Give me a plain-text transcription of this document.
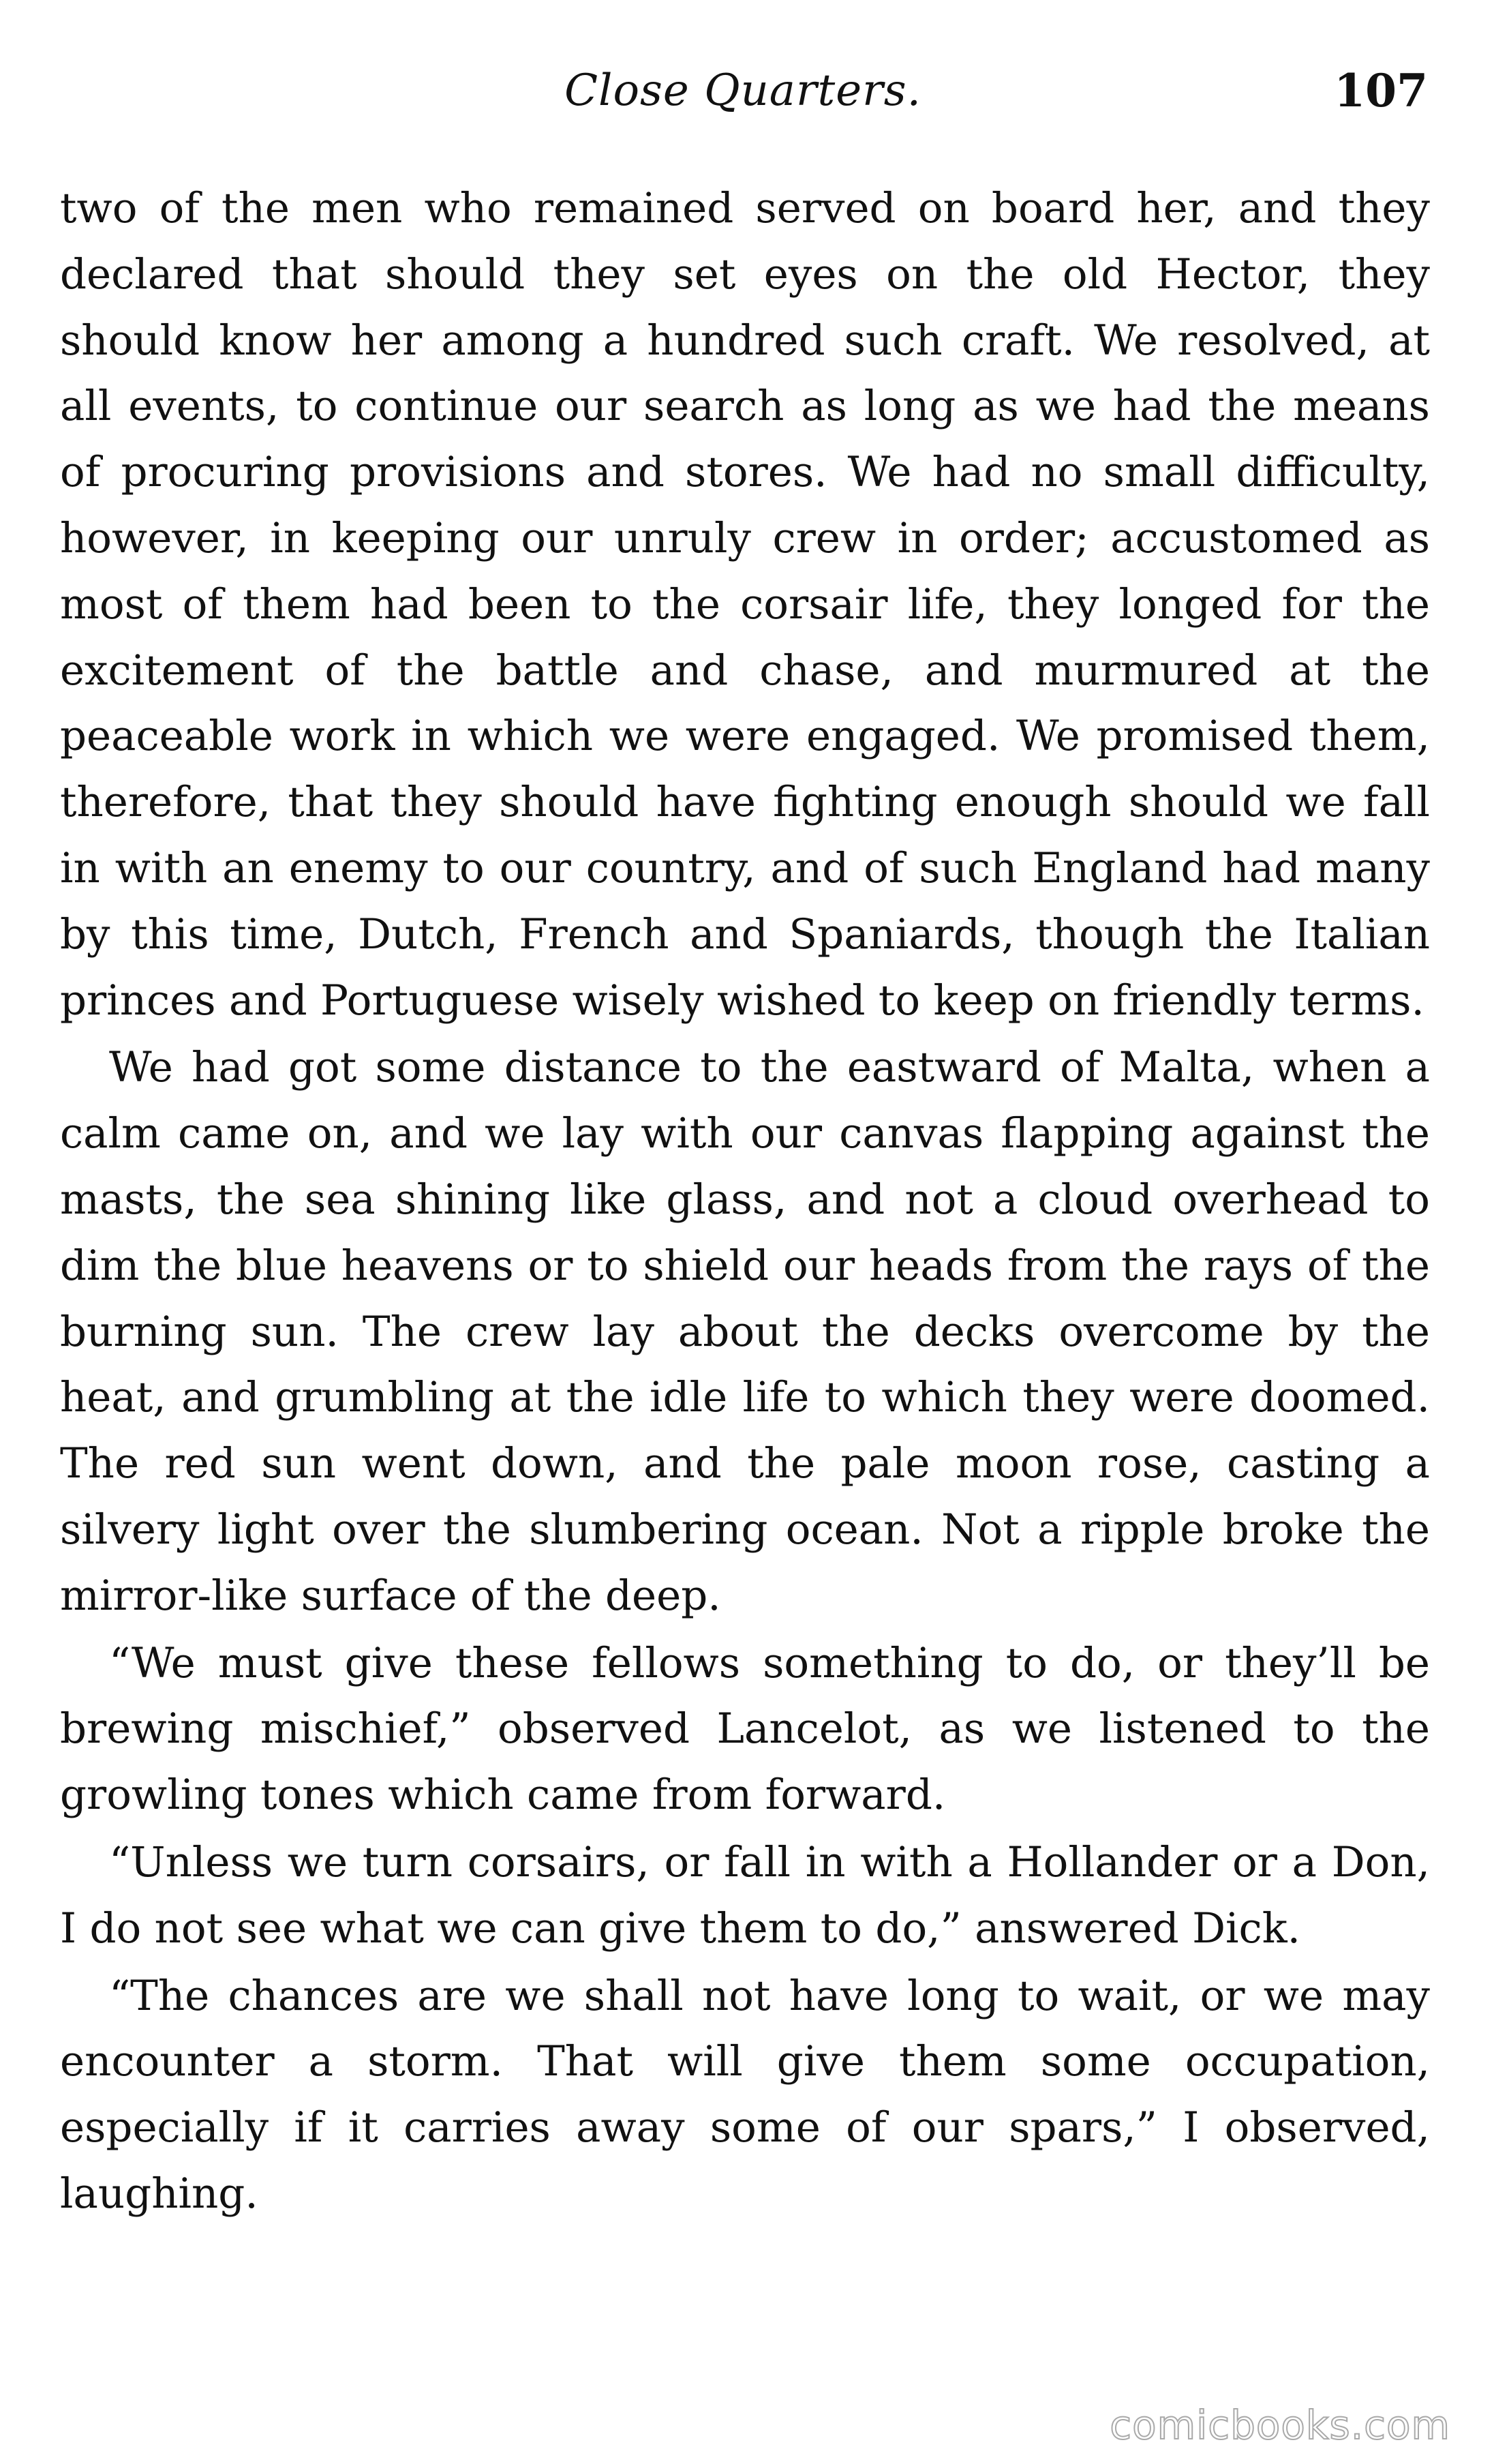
Close Quarters.	107

two of the men who remained served on board her, and they declared that should they set eyes on the old Hector, they should know her among a hundred such craft. We resolved, at all events, to continue our search as long as we had the means of procuring provisions and stores. We had no small difficulty, however, in keeping our unruly crew in order; accustomed as most of them had been to the corsair life, they longed for the excitement of the battle and chase, and murmured at the peaceable work in which we were engaged. We promised them, therefore, that they should have fighting enough should we fall in with an enemy to our country, and of such England had many by this time, Dutch, French and Spaniards, though the Italian princes and Portuguese wisely wished to keep on friendly terms.

We had got some distance to the eastward of Malta, when a calm came on, and we lay with our canvas flapping against the masts, the sea shining like glass, and not a cloud overhead to dim the blue heavens or to shield our heads from the rays of the burning sun. The crew lay about the decks overcome by the heat, and grumbling at the idle life to which they were doomed. The red sun went down, and the pale moon rose, casting a silvery light over the slumbering ocean. Not a ripple broke the mirror-like surface of the deep.

“We must give these fellows something to do, or they’ll be brewing mischief,” observed Lancelot, as we listened to the growling tones which came from forward.

“Unless we turn corsairs, or fall in with a Hollander or a Don, I do not see what we can give them to do,” answered Dick.

“The chances are we shall not have long to wait, or we may encounter a storm. That will give them some occupation, especially if it carries away some of our spars,” I observed, laughing.

comicbooks.com
